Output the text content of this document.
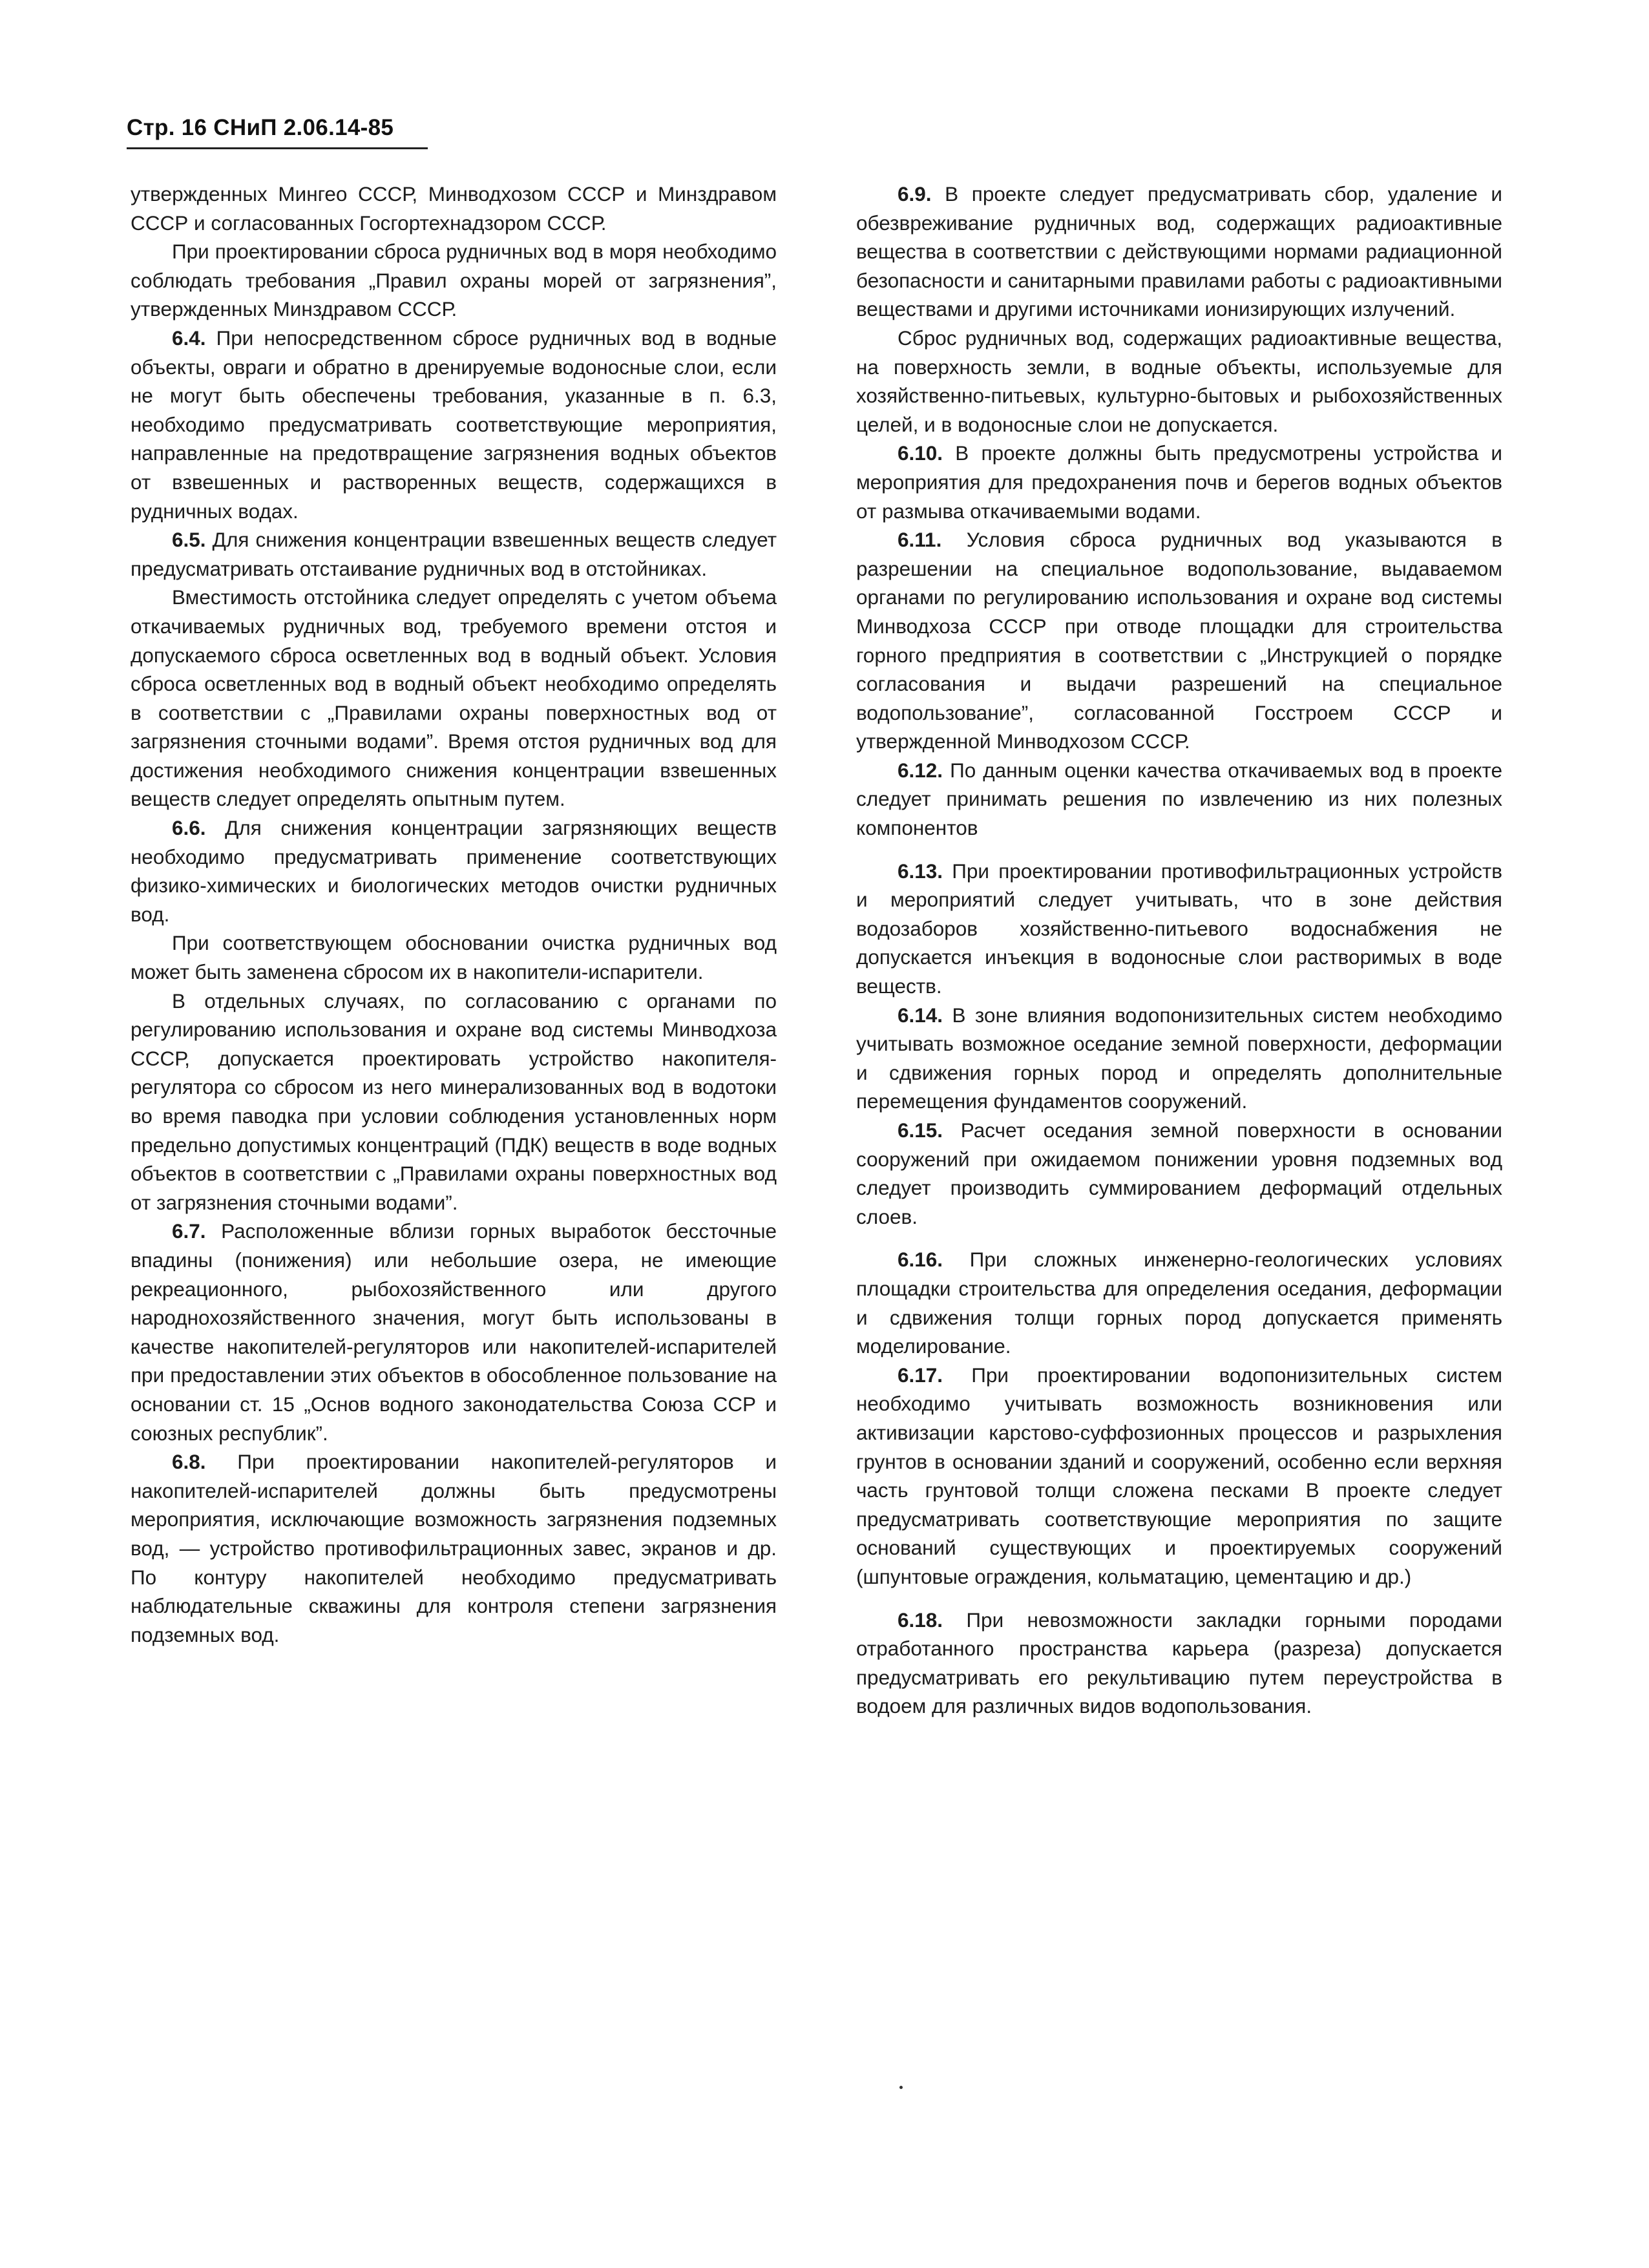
Стр. 16 СНиП 2.06.14-85

утвержденных Мингео СССР, Минводхозом СССР и Минздравом СССР и согласованных Госгортехнадзором СССР.

При проектировании сброса рудничных вод в моря необходимо соблюдать требования „Правил охраны морей от загрязнения”, утвержденных Минздравом СССР.

6.4. При непосредственном сбросе рудничных вод в водные объекты, овраги и обратно в дренируемые водоносные слои, если не могут быть обеспечены требования, указанные в п. 6.3, необходимо предусматривать соответствующие мероприятия, направленные на предотвращение загрязнения водных объектов от взвешенных и растворенных веществ, содержащихся в рудничных водах.

6.5. Для снижения концентрации взвешенных веществ следует предусматривать отстаивание рудничных вод в отстойниках.

Вместимость отстойника следует определять с учетом объема откачиваемых рудничных вод, требуемого времени отстоя и допускаемого сброса осветленных вод в водный объект. Условия сброса осветленных вод в водный объект необходимо определять в соответствии с „Правилами охраны поверхностных вод от загрязнения сточными водами”. Время отстоя рудничных вод для достижения необходимого снижения концентрации взвешенных веществ следует определять опытным путем.

6.6. Для снижения концентрации загрязняющих веществ необходимо предусматривать применение соответствующих физико-химических и биологических методов очистки рудничных вод.

При соответствующем обосновании очистка рудничных вод может быть заменена сбросом их в накопители-испарители.

В отдельных случаях, по согласованию с органами по регулированию использования и охране вод системы Минводхоза СССР, допускается проектировать устройство накопителя-регулятора со сбросом из него минерализованных вод в водотоки во время паводка при условии соблюдения установленных норм предельно допустимых концентраций (ПДК) веществ в воде водных объектов в соответствии с „Правилами охраны поверхностных вод от загрязнения сточными водами”.

6.7. Расположенные вблизи горных выработок бессточные впадины (понижения) или небольшие озера, не имеющие рекреационного, рыбохозяйственного или другого народнохозяйственного значения, могут быть использованы в качестве накопителей-регуляторов или накопителей-испарителей при предоставлении этих объектов в обособленное пользование на основании ст. 15 „Основ водного законодательства Союза ССР и союзных республик”.

6.8. При проектировании накопителей-регуляторов и накопителей-испарителей должны быть предусмотрены мероприятия, исключающие возможность загрязнения подземных вод, — устройство противофильтрационных завес, экранов и др. По контуру накопителей необходимо предусматривать наблюдательные скважины для контроля степени загрязнения подземных вод.

6.9. В проекте следует предусматривать сбор, удаление и обезвреживание рудничных вод, содержащих радиоактивные вещества в соответствии с действующими нормами радиационной безопасности и санитарными правилами работы с радиоактивными веществами и другими источниками ионизирующих излучений.

Сброс рудничных вод, содержащих радиоактивные вещества, на поверхность земли, в водные объекты, используемые для хозяйственно-питьевых, культурно-бытовых и рыбохозяйственных целей, и в водоносные слои не допускается.

6.10. В проекте должны быть предусмотрены устройства и мероприятия для предохранения почв и берегов водных объектов от размыва откачиваемыми водами.

6.11. Условия сброса рудничных вод указываются в разрешении на специальное водопользование, выдаваемом органами по регулированию использования и охране вод системы Минводхоза СССР при отводе площадки для строительства горного предприятия в соответствии с „Инструкцией о порядке согласования и выдачи разрешений на специальное водопользование”, согласованной Госстроем СССР и утвержденной Минводхозом СССР.

6.12. По данным оценки качества откачиваемых вод в проекте следует принимать решения по извлечению из них полезных компонентов

6.13. При проектировании противофильтрационных устройств и мероприятий следует учитывать, что в зоне действия водозаборов хозяйственно-питьевого водоснабжения не допускается инъекция в водоносные слои растворимых в воде веществ.

6.14. В зоне влияния водопонизительных систем необходимо учитывать возможное оседание земной поверхности, деформации и сдвижения горных пород и определять дополнительные перемещения фундаментов сооружений.

6.15. Расчет оседания земной поверхности в основании сооружений при ожидаемом понижении уровня подземных вод следует производить суммированием деформаций отдельных слоев.

6.16. При сложных инженерно-геологических условиях площадки строительства для определения оседания, деформации и сдвижения толщи горных пород допускается применять моделирование.

6.17. При проектировании водопонизительных систем необходимо учитывать возможность возникновения или активизации карстово-суффозионных процессов и разрыхления грунтов в основании зданий и сооружений, особенно если верхняя часть грунтовой толщи сложена песками В проекте следует предусматривать соответствующие мероприятия по защите оснований существующих и проектируемых сооружений (шпунтовые ограждения, кольматацию, цементацию и др.)

6.18. При невозможности закладки горными породами отработанного пространства карьера (разреза) допускается предусматривать его рекультивацию путем переустройства в водоем для различных видов водопользования.
